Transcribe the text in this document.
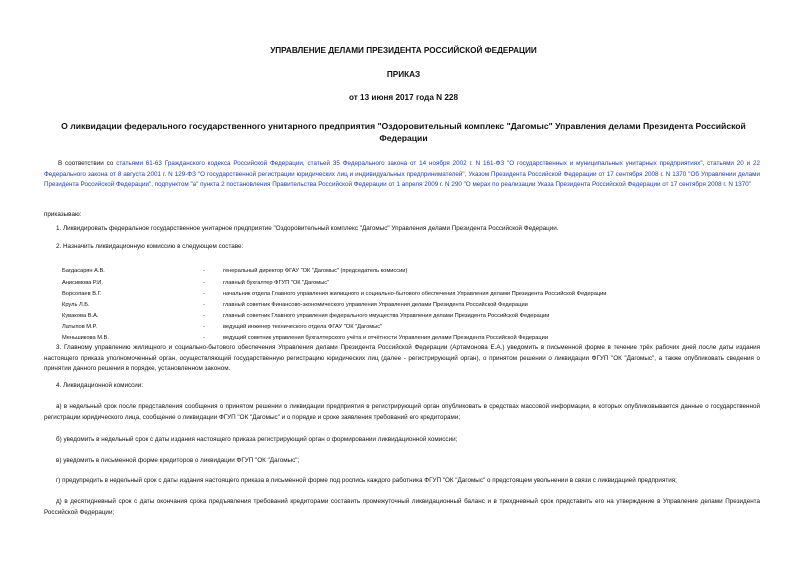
УПРАВЛЕНИЕ ДЕЛАМИ ПРЕЗИДЕНТА РОССИЙСКОЙ ФЕДЕРАЦИИ
ПРИКАЗ
от 13 июня 2017 года N 228
О ликвидации федерального государственного унитарного предприятия "Оздоровительный комплекс "Дагомыс" Управления делами Президента Российской Федерации
В соответствии со статьями 61-63 Гражданского кодекса Российской Федерации, статьей 35 Федерального закона от 14 ноября 2002 г. N 161-ФЗ "О государственных и муниципальных унитарных предприятиях", статьями 20 и 22 Федерального закона от 8 августа 2001 г. N 129-ФЗ "О государственной регистрации юридических лиц и индивидуальных предпринимателей", Указом Президента Российской Федерации от 17 сентября 2008 г. N 1370 "Об Управлении делами Президента Российской Федерации", подпунктом "а" пункта 2 постановления Правительства Российской Федерации от 1 апреля 2009 г. N 290 "О мерах по реализации Указа Президента Российской Федерации от 17 сентября 2008 г. N 1370"
приказываю:
1. Ликвидировать федеральное государственное унитарное предприятие "Оздоровительный комплекс "Дагомыс" Управления делами Президента Российской Федерации.
2. Назначить ликвидационную комиссию в следующем составе:
Багдасарян А.В.	-	генеральный директор ФГАУ "ОК "Дагомыс" (председатель комиссии)
Анисимова Р.И.	-	главный бухгалтер ФГУП "ОК "Дагомыс"
Ворсопаев В.Г.	-	начальник отдела Главного управления жилищного и социально-бытового обеспечения Управления делами Президента Российской Федерации
Круль Л.Б.	-	главный советник Финансово-экономического управления Управления делами Президента Российской Федерации
Кувакова В.А.	-	главный советник Главного управления федерального имущества Управления делами Президента Российской Федерации
Латыпов М.Р.	-	ведущий инженер технического отдела ФГАУ "ОК "Дагомыс"
Меньшикова М.В.	-	ведущий советник управления бухгалтерского учёта и отчётности Управления делами Президента Российской Федерации
3. Главному управлению жилищного и социально-бытового обеспечения Управления делами Президента Российской Федерации (Артамонова Е.А.) уведомить в письменной форме в течение трёх рабочих дней после даты издания настоящего приказа уполномоченный орган, осуществляющий государственную регистрацию юридических лиц (далее - регистрирующий орган), о принятом решении о ликвидации ФГУП "ОК "Дагомыс", а также опубликовать сведения о принятии данного решения в порядке, установленном законом.
4. Ликвидационной комиссии:
а) в недельный срок после представления сообщения о принятом решении о ликвидации предприятия в регистрирующий орган опубликовать в средствах массовой информации, в которых опубликовывается данные о государственной регистрации юридического лица, сообщение о ликвидации ФГУП "ОК "Дагомыс" и о порядке и сроке заявления требований его кредиторами;
б) уведомить в недельный срок с даты издания настоящего приказа регистрирующий орган о формировании ликвидационной комиссии;
в) уведомить в письменной форме кредиторов о ликвидации ФГУП "ОК "Дагомыс";
г) предупредить в недельный срок с даты издания настоящего приказа в письменной форме под роспись каждого работника ФГУП "ОК "Дагомыс" о предстоящем увольнении в связи с ликвидацией предприятия;
д) в десятидневный срок с даты окончания срока предъявления требований кредиторами составить промежуточный ликвидационный баланс и в трехдневный срок представить его на утверждение в Управление делами Президента Российской Федерации;
